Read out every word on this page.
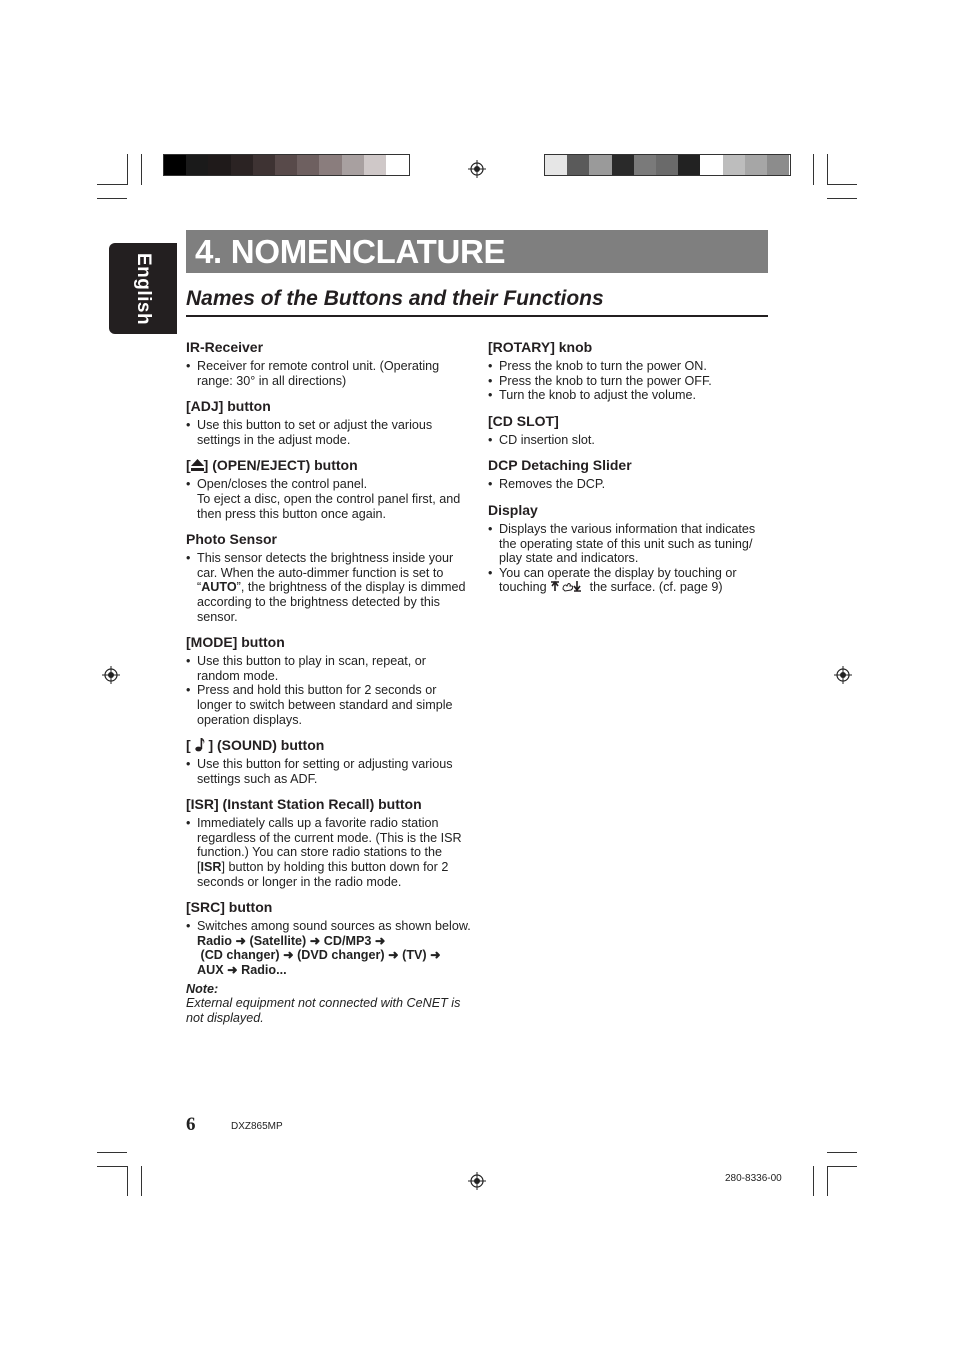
English
4. NOMENCLATURE
Names of the Buttons and their Functions
IR-Receiver
• Receiver for remote control unit. (Operating range: 30° in all directions)
[ADJ] button
• Use this button to set or adjust the various settings in the adjust mode.
[ ] (OPEN/EJECT) button
• Open/closes the control panel.
To eject a disc, open the control panel first, and then press this button once again.
Photo Sensor
• This sensor detects the brightness inside your car. When the auto-dimmer function is set to “AUTO”, the brightness of the display is dimmed according to the brightness detected by this sensor.
[MODE] button
• Use this button to play in scan, repeat, or random mode.
• Press and hold this button for 2 seconds or longer to switch between standard and simple operation displays.
[  ] (SOUND) button
• Use this button for setting or adjusting various settings such as ADF.
[ISR] (Instant Station Recall) button
• Immediately calls up a favorite radio station regardless of the current mode. (This is the ISR function.) You can store radio stations to the [ISR] button by holding this button down for 2 seconds or longer in the radio mode.
[SRC] button
• Switches among sound sources as shown below.
Radio ➜ (Satellite) ➜ CD/MP3 ➜
(CD changer) ➜ (DVD changer) ➜ (TV) ➜
AUX ➜ Radio...
Note:
External equipment not connected with CeNET is not displayed.
[ROTARY] knob
• Press the knob to turn the power ON.
• Press the knob to turn the power OFF.
• Turn the knob to adjust the volume.
[CD SLOT]
• CD insertion slot.
DCP Detaching Slider
• Removes the DCP.
Display
• Displays the various information that indicates the operating state of this unit such as tuning/ play state and indicators.
• You can operate the display by touching or touching	the surface. (cf. page 9)
6	DXZ865MP
280-8336-00
